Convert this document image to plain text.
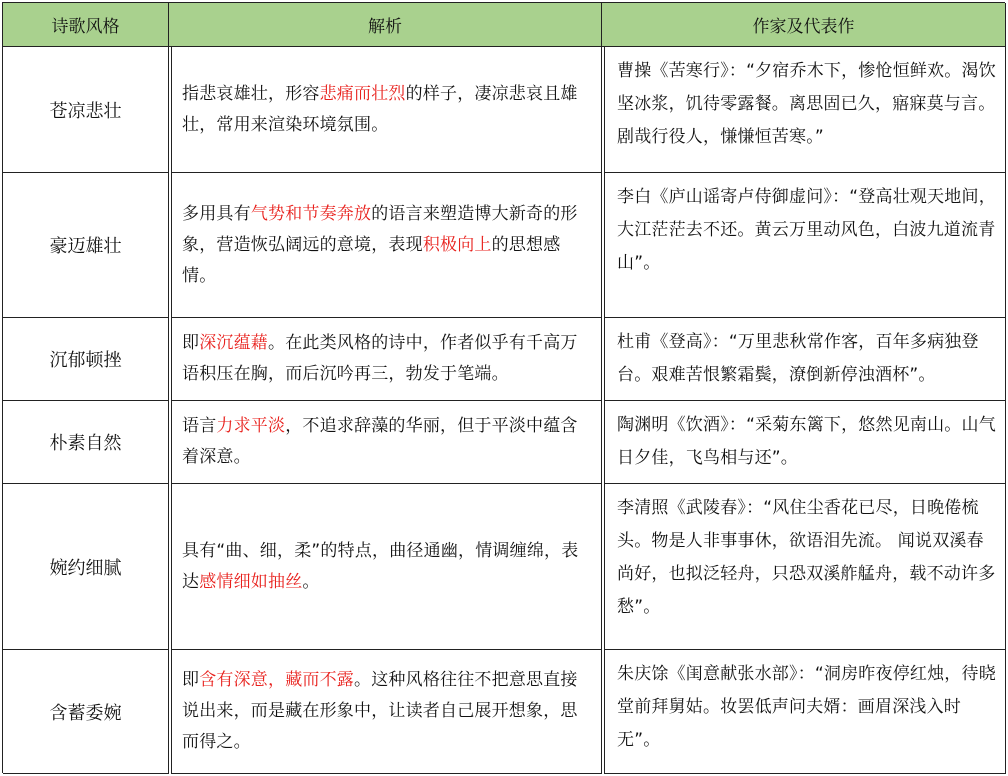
诗歌风格	解析	作家及代表作
苍凉悲壮
指悲哀雄壮，形容悲痛而壮烈的样子，凄凉悲哀且雄壮，常用来渲染环境氛围。
曹操《苦寒行》：“夕宿乔木下，惨怆恒鲜欢。渴饮坚冰浆，饥待零露餐。离思固已久，寤寐莫与言。剧哉行役人，慊慊恒苦寒。”
豪迈雄壮
多用具有气势和节奏奔放的语言来塑造博大新奇的形象，营造恢弘阔远的意境，表现积极向上的思想感情。
李白《庐山谣寄卢侍御虚问》：“登高壮观天地间，大江茫茫去不还。黄云万里动风色，白波九道流青山”。
沉郁顿挫
即深沉蕴藉。在此类风格的诗中，作者似乎有千高万语积压在胸，而后沉吟再三，勃发于笔端。
杜甫《登高》：“万里悲秋常作客，百年多病独登台。艰难苦恨繁霜鬓，潦倒新停浊酒杯”。
朴素自然
语言力求平淡，不追求辞藻的华丽，但于平淡中蕴含着深意。
陶渊明《饮酒》：“采菊东篱下，悠然见南山。山气日夕佳，飞鸟相与还”。
婉约细腻
具有“曲、细，柔”的特点，曲径通幽，情调缠绵，表达感情细如抽丝。
李清照《武陵春》：“风住尘香花已尽，日晚倦梳头。物是人非事事休，欲语泪先流。 闻说双溪春尚好，也拟泛轻舟，只恐双溪舴艋舟，载不动许多愁”。
含蓄委婉
即含有深意，藏而不露。这种风格往往不把意思直接说出来，而是藏在形象中，让读者自己展开想象，思而得之。
朱庆馀《闺意献张水部》：“洞房昨夜停红烛，待晓堂前拜舅姑。妆罢低声问夫婿：画眉深浅入时无”。
